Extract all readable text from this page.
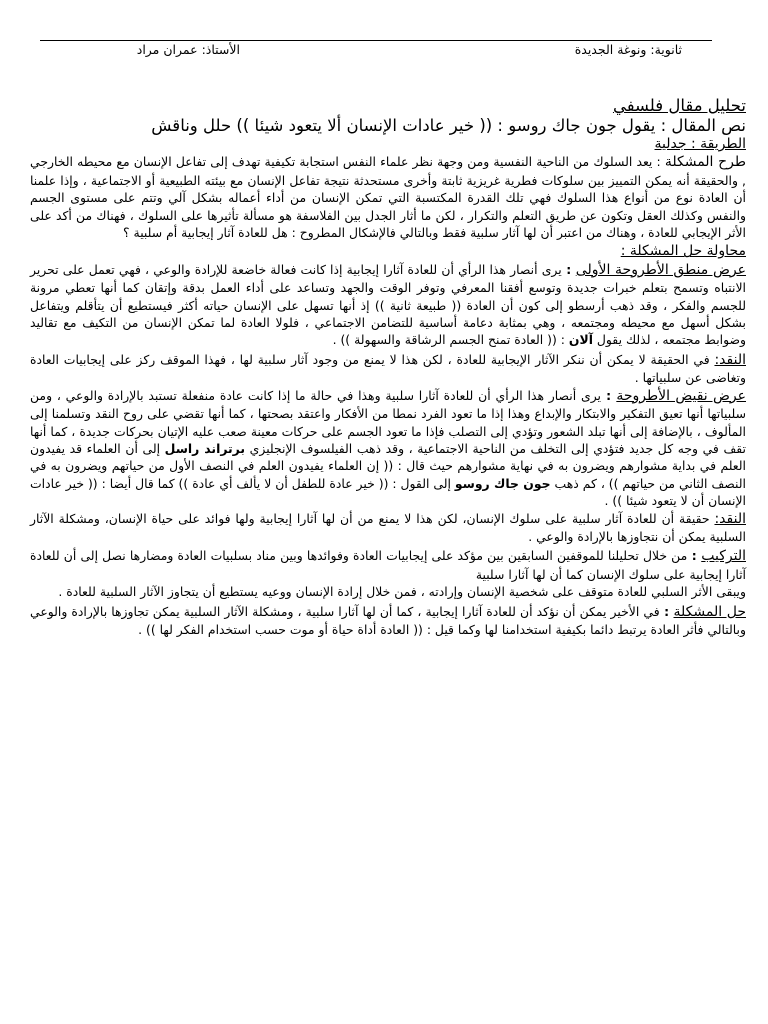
ثانوية: ونوغة الجديدة
الأستاذ: عمران مراد

تحليل مقال فلسفي

نص المقال : يقول جون جاك روسو : (( خير عادات الإنسان ألا يتعود شيئا )) حلل وناقش

الطريقة : جدلية

طرح المشكلة : يعد السلوك من الناحية النفسية ومن وجهة نظر علماء النفس استجابة تكيفية تهدف إلى تفاعل الإنسان مع محيطه الخارجي , والحقيقة أنه يمكن التمييز بين سلوكات فطرية غريزية ثابتة وأخرى مستحدثة نتيجة تفاعل الإنسان مع بيئته الطبيعية أو الاجتماعية ، وإذا علمنا أن العادة نوع من أنواع هذا السلوك فهي تلك القدرة المكتسبة التي تمكن الإنسان من أداء أعماله بشكل آلي وتتم على مستوى الجسم والنفس وكذلك العقل وتكون عن طريق التعلم والتكرار ، لكن ما أثار الجدل بين الفلاسفة هو مسألة تأثيرها على السلوك ، فهناك من أكد على الأثر الإيجابي للعادة ، وهناك من اعتبر أن لها آثار سلبية فقط وبالتالي فالإشكال المطروح : هل للعادة آثار إيجابية أم سلبية ؟

محاولة حل المشكلة :

عرض منطق الأطروحة الأولى : يرى أنصار هذا الرأي أن للعادة آثارا إيجابية إذا كانت فعالة خاضعة للإرادة والوعي ، فهي تعمل على تحرير الانتباه وتسمح بتعلم خبرات جديدة وتوسع أفقنا المعرفي وتوفر الوقت والجهد وتساعد على أداء العمل بدقة وإتقان كما أنها تعطي مرونة للجسم والفكر ، وقد ذهب أرسطو إلى كون أن العادة (( طبيعة ثانية )) إذ أنها تسهل على الإنسان حياته أكثر فيستطيع أن يتأقلم ويتفاعل بشكل أسهل مع محيطه ومجتمعه ، وهي بمثابة دعامة أساسية للتضامن الاجتماعي ، فلولا العادة لما تمكن الإنسان من التكيف مع تقاليد وضوابط مجتمعه ، لذلك يقول آلان : (( العادة تمنح الجسم الرشاقة والسهولة )) .

النقد: في الحقيقة لا يمكن أن ننكر الآثار الإيجابية للعادة ، لكن هذا لا يمنع من وجود آثار سلبية لها ، فهذا الموقف ركز على إيجابيات العادة وتغاضى عن سلبياتها .

عرض نقيض الأطروحة : يرى أنصار هذا الرأي أن للعادة آثارا سلبية وهذا في حالة ما إذا كانت عادة منفعلة تستبد بالإرادة والوعي ، ومن سلبياتها أنها تعيق التفكير والابتكار والإبداع وهذا إذا ما تعود الفرد نمطا من الأفكار واعتقد بصحتها ، كما أنها تقضي على روح النقد وتسلمنا إلى المألوف ، بالإضافة إلى أنها تبلد الشعور وتؤدي إلى التصلب فإذا ما تعود الجسم على حركات معينة صعب عليه الإتيان بحركات جديدة ، كما أنها تقف في وجه كل جديد فتؤدي إلى التخلف من الناحية الاجتماعية ، وقد ذهب الفيلسوف الإنجليزي برتراند راسل إلى أن العلماء قد يفيدون العلم في بداية مشوارهم ويضرون به في نهاية مشوارهم حيث قال : (( إن العلماء يفيدون العلم في النصف الأول من حياتهم ويضرون به في النصف الثاني من حياتهم )) ، كم ذهب جون جاك روسو إلى القول : (( خير عادة للطفل أن لا يألف أي عادة )) كما قال أيضا : (( خير عادات الإنسان أن لا يتعود شيئا )) .

النقد: حقيقة أن للعادة آثار سلبية على سلوك الإنسان، لكن هذا لا يمنع من أن لها آثارا إيجابية ولها فوائد على حياة الإنسان، ومشكلة الآثار السلبية يمكن أن نتجاوزها بالإرادة والوعي .

التركيب : من خلال تحليلنا للموقفين السابقين بين مؤكد على إيجابيات العادة وفوائدها وبين مناد بسلبيات العادة ومضارها نصل إلى أن للعادة آثارا إيجابية على سلوك الإنسان كما أن لها آثارا سلبية

ويبقى الأثر السلبي للعادة متوقف على شخصية الإنسان وإرادته ، فمن خلال إرادة الإنسان ووعيه يستطيع أن يتجاوز الآثار السلبية للعادة .

حل المشكلة : في الأخير يمكن أن نؤكد أن للعادة آثارا إيجابية ، كما أن لها آثارا سلبية ، ومشكلة الآثار السلبية يمكن تجاوزها بالإرادة والوعي وبالتالي فأثر العادة يرتبط دائما بكيفية استخدامنا لها وكما قيل : (( العادة أداة حياة أو موت حسب استخدام الفكر لها )) .
